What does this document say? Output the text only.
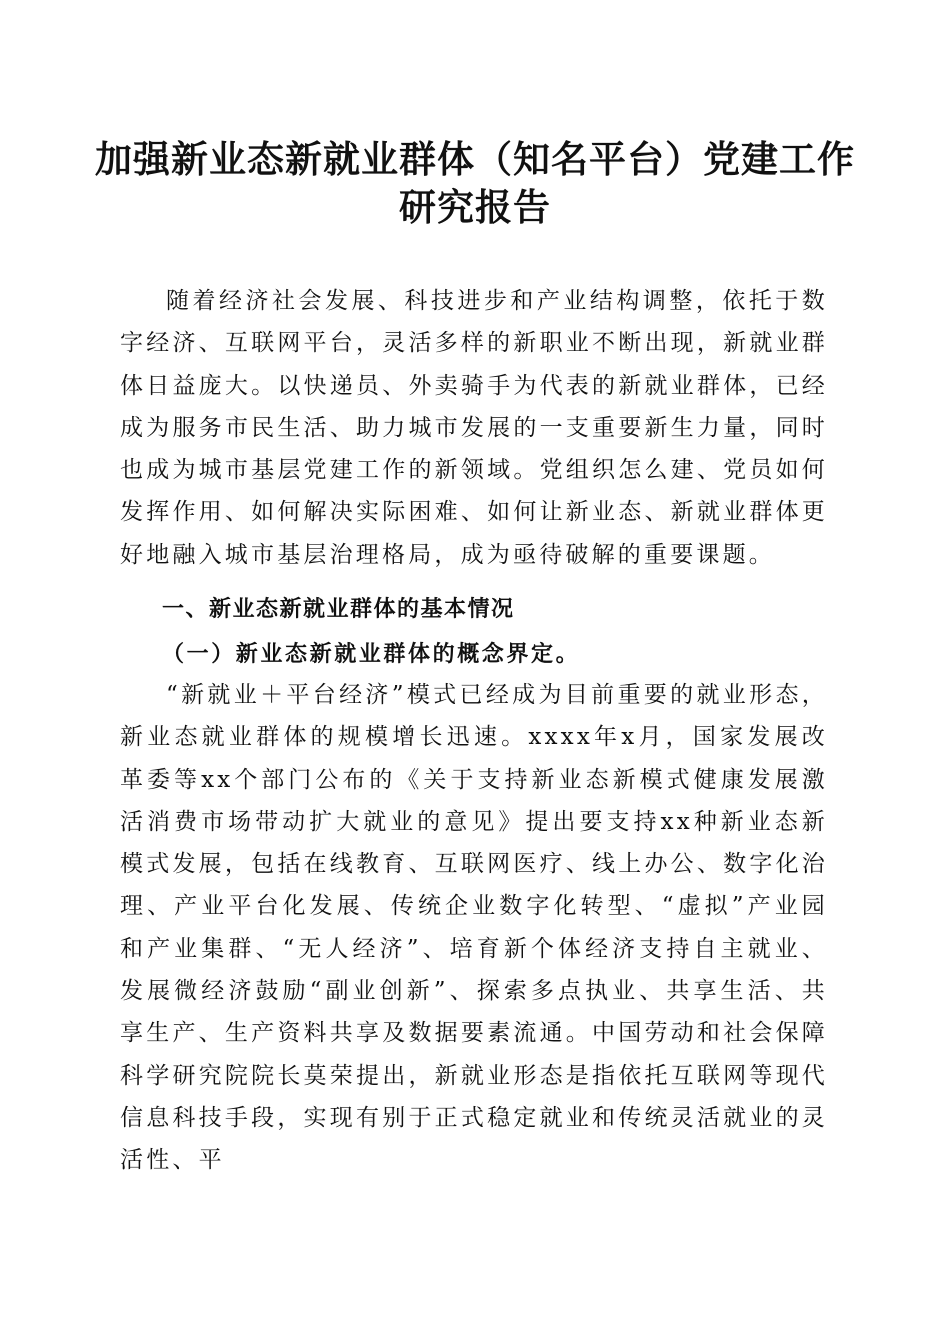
加强新业态新就业群体（知名平台）党建工作
研究报告

随着经济社会发展、科技进步和产业结构调整，依托于数字经济、互联网平台，灵活多样的新职业不断出现，新就业群体日益庞大。以快递员、外卖骑手为代表的新就业群体，已经成为服务市民生活、助力城市发展的一支重要新生力量，同时也成为城市基层党建工作的新领域。党组织怎么建、党员如何发挥作用、如何解决实际困难、如何让新业态、新就业群体更好地融入城市基层治理格局，成为亟待破解的重要课题。

一、新业态新就业群体的基本情况
（一）新业态新就业群体的概念界定。

“新就业＋平台经济”模式已经成为目前重要的就业形态，新业态就业群体的规模增长迅速。xxxx年x月，国家发展改革委等xx个部门公布的《关于支持新业态新模式健康发展激活消费市场带动扩大就业的意见》提出要支持xx种新业态新模式发展，包括在线教育、互联网医疗、线上办公、数字化治理、产业平台化发展、传统企业数字化转型、“虚拟”产业园和产业集群、“无人经济”、培育新个体经济支持自主就业、发展微经济鼓励“副业创新”、探索多点执业、共享生活、共享生产、生产资料共享及数据要素流通。中国劳动和社会保障科学研究院院长莫荣提出，新就业形态是指依托互联网等现代信息科技手段，实现有别于正式稳定就业和传统灵活就业的灵活性、平
